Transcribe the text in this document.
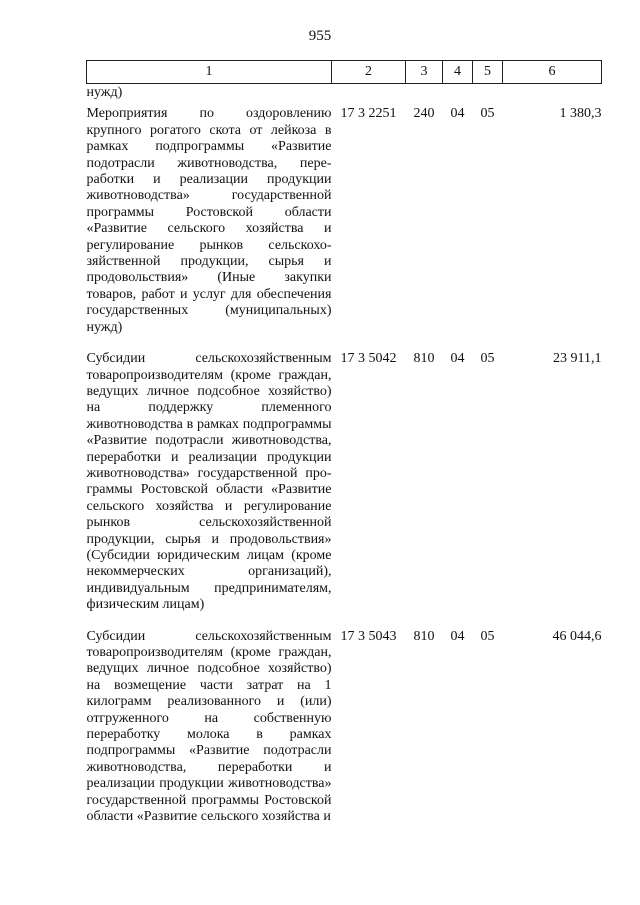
955
1	2	3	4	5	6
нужд)					
Мероприятия по оздоровлению крупного рогатого скота от лейкоза в рамках подпрограммы «Развитие подотрасли животноводства, переработки и реализации продукции животноводства» государственной программы Ростовской области «Развитие сельского хозяйства и регулирование рынков сельскохозяйственной продукции, сырья и продовольствия» (Иные закупки товаров, работ и услуг для обеспечения государственных (муниципальных) нужд)	17 3 2251	240	04	05	1 380,3
Субсидии сельскохозяйственным товаропроизводителям (кроме граждан, ведущих личное подсобное хозяйство) на поддержку племенного животноводства в рамках подпрограммы «Развитие подотрасли животноводства, переработки и реализации продукции животноводства» государственной программы Ростовской области «Развитие сельского хозяйства и регулирование рынков сельскохозяйственной продукции, сырья и продовольствия» (Субсидии юридическим лицам (кроме некоммерческих организаций), индивидуальным предпринимателям, физическим лицам)	17 3 5042	810	04	05	23 911,1
Субсидии сельскохозяйственным товаропроизводителям (кроме граждан, ведущих личное подсобное хозяйство) на возмещение части затрат на 1 килограмм реализованного и (или) отгруженного на собственную переработку молока в рамках подпрограммы «Развитие подотрасли животноводства, переработки и реализации продукции животноводства» государственной программы Ростовской области «Развитие сельского хозяйства и	17 3 5043	810	04	05	46 044,6
